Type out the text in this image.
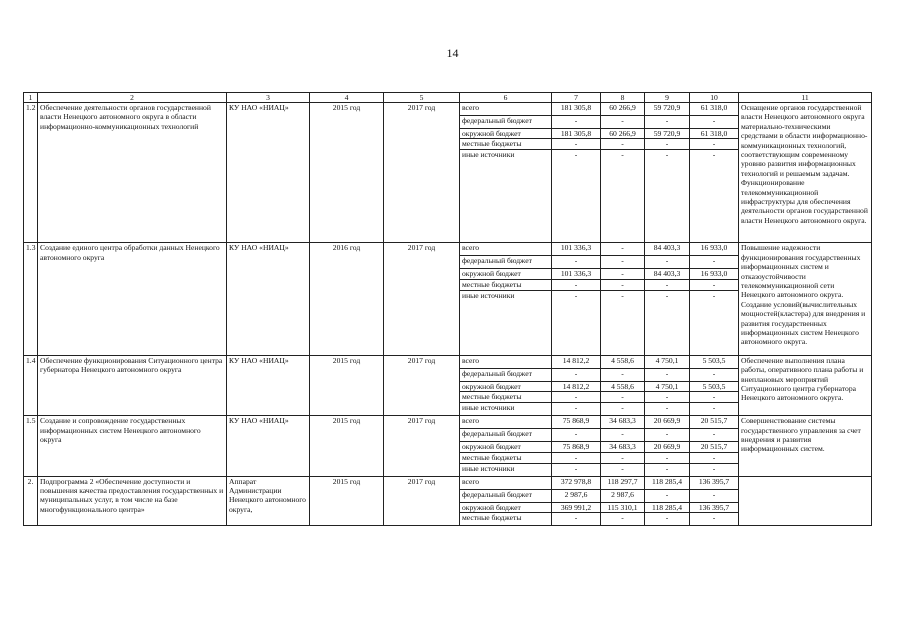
14
1	2	3	4	5	6	7	8	9	10	11
1.2	Обеспечение деятельности органов государственной власти Ненецкого автономного округа в области информационно-коммуникационных технологий	КУ НАО «НИАЦ»	2015 год	2017 год	всего	181 305,8	60 266,9	59 720,9	61 318,0	Оснащение органов государственной власти Ненецкого автономного округа материально-техническими средствами в области информационно-коммуникационных технологий, соответствующим современному уровню развития информационных технологий и решаемым задачам. Функционирование телекоммуникационной инфраструктуры для обеспечения деятельности органов государственной власти Ненецкого автономного округа.
					федеральный бюджет	-	-	-	-	
					окружной бюджет	181 305,8	60 266,9	59 720,9	61 318,0	
					местные бюджеты	-	-	-	-	
					иные источники	-	-	-	-	
1.3	Создание единого центра обработки данных Ненецкого автономного округа	КУ НАО «НИАЦ»	2016 год	2017 год	всего	101 336,3	-	84 403,3	16 933,0	Повышение надежности функционирования государственных информационных систем и отказоустойчивости телекоммуникационной сети Ненецкого автономного округа. Создание условий(вычислительных мощностей(кластера) для внедрения и развития государственных информационных систем Ненецкого автономного округа.
					федеральный бюджет	-	-	-	-	
					окружной бюджет	101 336,3	-	84 403,3	16 933,0	
					местные бюджеты	-	-	-	-	
					иные источники	-	-	-	-	
1.4	Обеспечение функционирования Ситуационного центра губернатора Ненецкого автономного округа	КУ НАО «НИАЦ»	2015 год	2017 год	всего	14 812,2	4 558,6	4 750,1	5 503,5	Обеспечение выполнения плана работы, оперативного плана работы и внеплановых мероприятий Ситуационного центра губернатора Ненецкого автономного округа.
					федеральный бюджет	-	-	-	-	
					окружной бюджет	14 812,2	4 558,6	4 750,1	5 503,5	
					местные бюджеты	-	-	-	-	
					иные источники	-	-	-	-	
1.5	Создание и сопровождение государственных информационных систем Ненецкого автономного округа	КУ НАО «НИАЦ»	2015 год	2017 год	всего	75 868,9	34 683,3	20 669,9	20 515,7	Совершенствование системы государственного управления за счет внедрения и развития информационных систем.
					федеральный бюджет	-	-	-	-	
					окружной бюджет	75 868,9	34 683,3	20 669,9	20 515,7	
					местные бюджеты	-	-	-	-	
					иные источники	-	-	-	-	
2.	Подпрограмма 2 «Обеспечение доступности и повышения качества предоставления государственных и муниципальных услуг, в том числе на базе многофункционального центра»	Аппарат Администрации Ненецкого автономного округа,	2015 год	2017 год	всего	372 978,8	118 297,7	118 285,4	136 395,7	
					федеральный бюджет	2 987,6	2 987,6	-	-	
					окружной бюджет	369 991,2	115 310,1	118 285,4	136 395,7	
					местные бюджеты	-	-	-	-	
